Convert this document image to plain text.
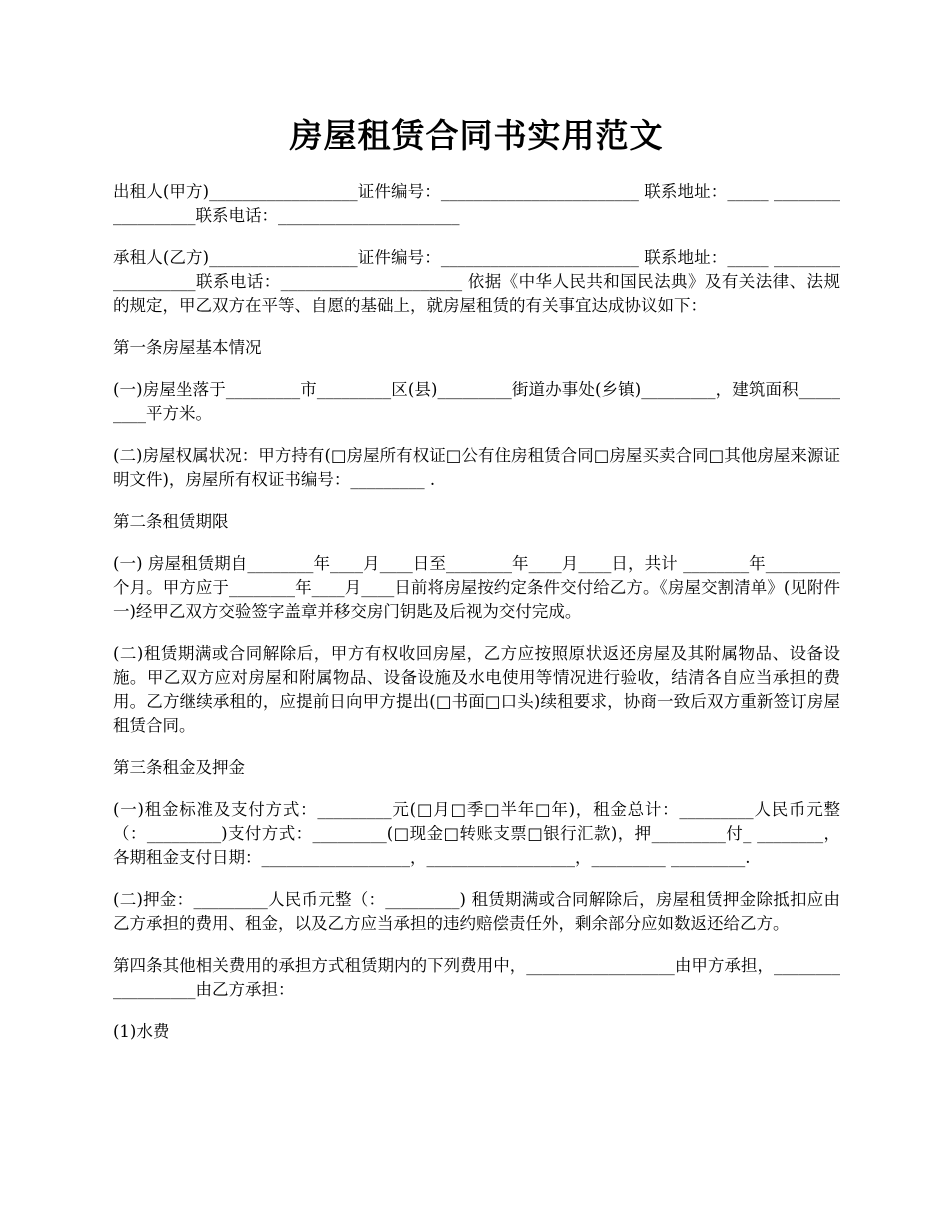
房屋租赁合同书实用范文

出租人(甲方)__________________证件编号：________________________ 联系地址：_____ __________________联系电话：______________________

承租人(乙方)__________________证件编号：________________________ 联系地址：_____ __________________联系电话：______________________ 依据《中华人民共和国民法典》及有关法律、法规的规定，甲乙双方在平等、自愿的基础上，就房屋租赁的有关事宜达成协议如下：

第一条房屋基本情况

(一)房屋坐落于_________市_________区(县)_________街道办事处(乡镇)_________，建筑面积_________平方米。

(二)房屋权属状况：甲方持有(□房屋所有权证□公有住房租赁合同□房屋买卖合同□其他房屋来源证明文件)，房屋所有权证书编号：_________ .

第二条租赁期限

(一) 房屋租赁期自________年____月____日至________年____月____日，共计 ________年_________个月。甲方应于________年____月____日前将房屋按约定条件交付给乙方。《房屋交割清单》(见附件一)经甲乙双方交验签字盖章并移交房门钥匙及后视为交付完成。

(二)租赁期满或合同解除后，甲方有权收回房屋，乙方应按照原状返还房屋及其附属物品、设备设施。甲乙双方应对房屋和附属物品、设备设施及水电使用等情况进行验收，结清各自应当承担的费用。乙方继续承租的，应提前日向甲方提出(□书面□口头)续租要求，协商一致后双方重新签订房屋租赁合同。

第三条租金及押金

(一)租金标准及支付方式：_________元(□月□季□半年□年)，租金总计：_________人民币元整（：_________)支付方式：_________(□现金□转账支票□银行汇款)，押_________付_ ________，各期租金支付日期：__________________，__________________，_________ _________.

(二)押金：_________人民币元整（：_________) 租赁期满或合同解除后，房屋租赁押金除抵扣应由乙方承担的费用、租金，以及乙方应当承担的违约赔偿责任外，剩余部分应如数返还给乙方。

第四条其他相关费用的承担方式租赁期内的下列费用中，__________________由甲方承担，__________________由乙方承担：

(1)水费
